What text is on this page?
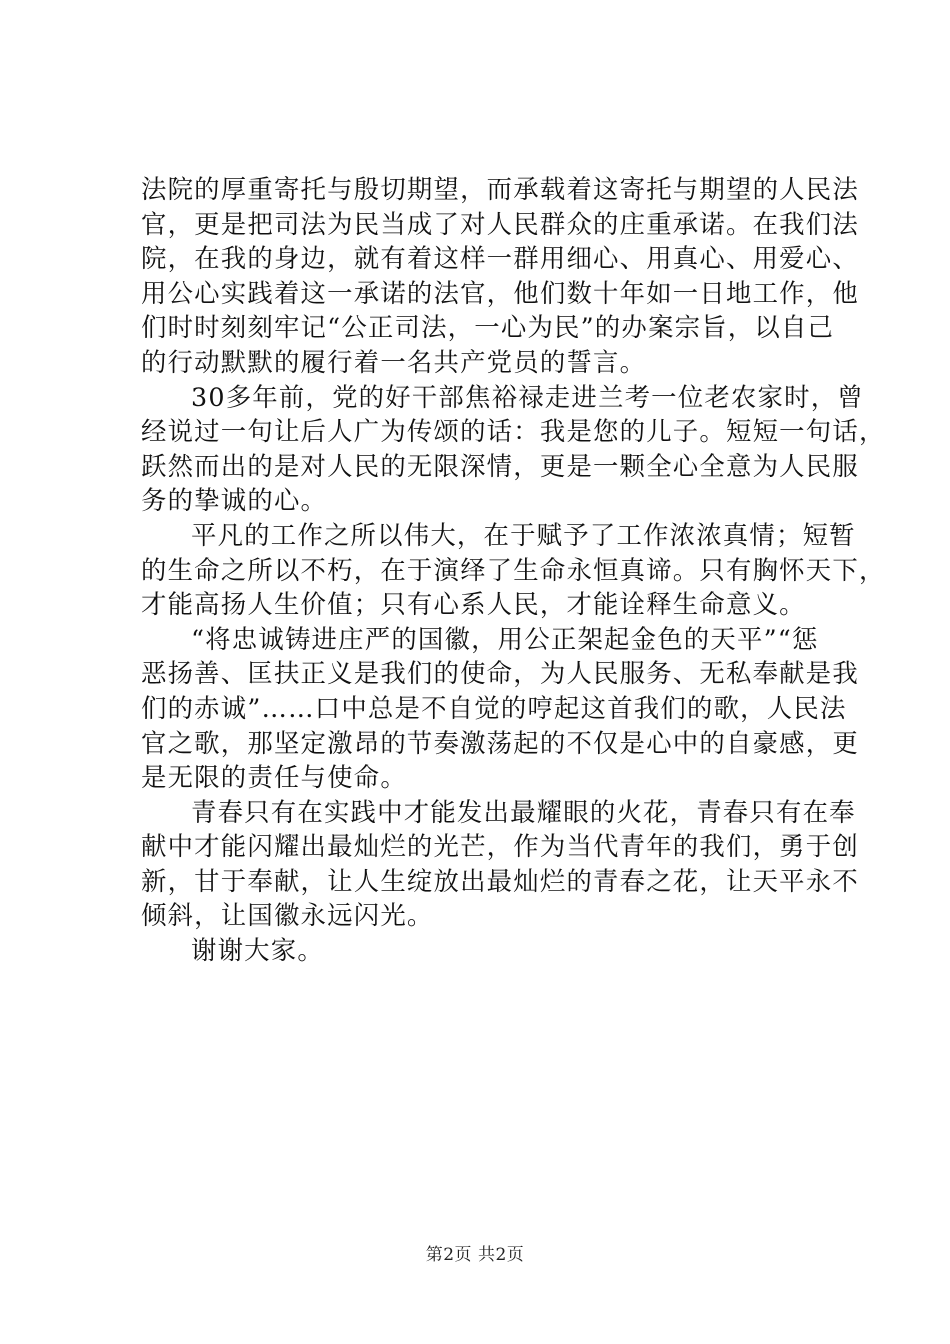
法院的厚重寄托与殷切期望，而承载着这寄托与期望的人民法
官，更是把司法为民当成了对人民群众的庄重承诺。在我们法
院，在我的身边，就有着这样一群用细心、用真心、用爱心、
用公心实践着这一承诺的法官，他们数十年如一日地工作，他
们时时刻刻牢记“公正司法，一心为民”的办案宗旨，以自己
的行动默默的履行着一名共产党员的誓言。
30多年前，党的好干部焦裕禄走进兰考一位老农家时，曾
经说过一句让后人广为传颂的话：我是您的儿子。短短一句话，
跃然而出的是对人民的无限深情，更是一颗全心全意为人民服
务的挚诚的心。
平凡的工作之所以伟大，在于赋予了工作浓浓真情；短暂
的生命之所以不朽，在于演绎了生命永恒真谛。只有胸怀天下，
才能高扬人生价值；只有心系人民，才能诠释生命意义。
“将忠诚铸进庄严的国徽，用公正架起金色的天平”“惩
恶扬善、匡扶正义是我们的使命，为人民服务、无私奉献是我
们的赤诚”……口中总是不自觉的哼起这首我们的歌，人民法
官之歌，那坚定激昂的节奏激荡起的不仅是心中的自豪感，更
是无限的责任与使命。
青春只有在实践中才能发出最耀眼的火花，青春只有在奉
献中才能闪耀出最灿烂的光芒，作为当代青年的我们，勇于创
新，甘于奉献，让人生绽放出最灿烂的青春之花，让天平永不
倾斜，让国徽永远闪光。
谢谢大家。
第2页 共2页
